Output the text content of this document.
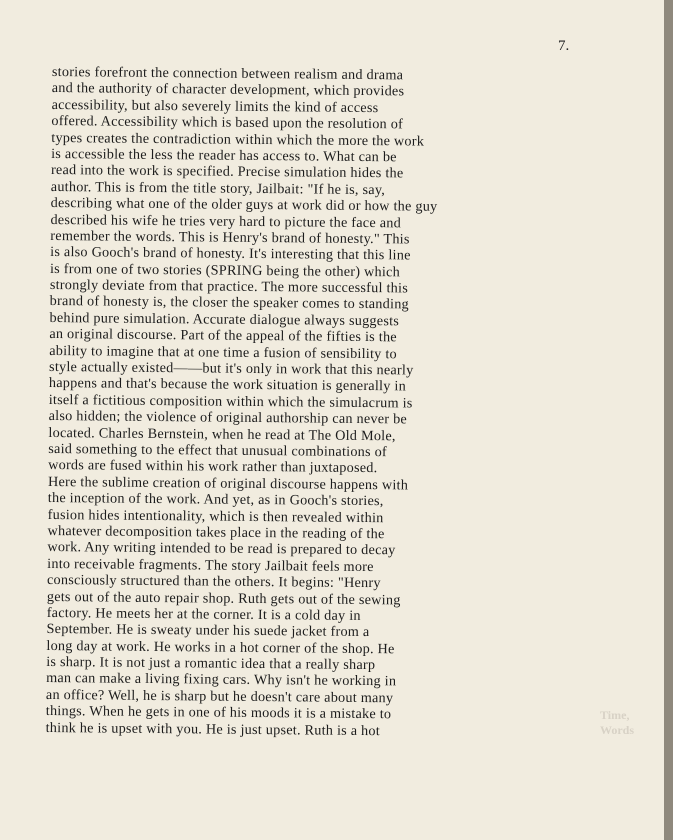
7.
stories forefront the connection between realism and drama
and the authority of character development, which provides
accessibility, but also severely limits the kind of access
offered. Accessibility which is based upon the resolution of
types creates the contradiction within which the more the work
is accessible the less the reader has access to. What can be
read into the work is specified. Precise simulation hides the
author. This is from the title story, Jailbait: "If he is, say,
describing what one of the older guys at work did or how the guy
described his wife he tries very hard to picture the face and
remember the words. This is Henry's brand of honesty." This
is also Gooch's brand of honesty. It's interesting that this line
is from one of two stories (SPRING being the other) which
strongly deviate from that practice. The more successful this
brand of honesty is, the closer the speaker comes to standing
behind pure simulation. Accurate dialogue always suggests
an original discourse. Part of the appeal of the fifties is the
ability to imagine that at one time a fusion of sensibility to
style actually existed——but it's only in work that this nearly
happens and that's because the work situation is generally in
itself a fictitious composition within which the simulacrum is
also hidden; the violence of original authorship can never be
located. Charles Bernstein, when he read at The Old Mole,
said something to the effect that unusual combinations of
words are fused within his work rather than juxtaposed.
Here the sublime creation of original discourse happens with
the inception of the work. And yet, as in Gooch's stories,
fusion hides intentionality, which is then revealed within
whatever decomposition takes place in the reading of the
work. Any writing intended to be read is prepared to decay
into receivable fragments. The story Jailbait feels more
consciously structured than the others. It begins: "Henry
gets out of the auto repair shop. Ruth gets out of the sewing
factory. He meets her at the corner. It is a cold day in
September. He is sweaty under his suede jacket from a
long day at work. He works in a hot corner of the shop. He
is sharp. It is not just a romantic idea that a really sharp
man can make a living fixing cars. Why isn't he working in
an office? Well, he is sharp but he doesn't care about many
things. When he gets in one of his moods it is a mistake to
think he is upset with you. He is just upset. Ruth is a hot
Time,
Words
